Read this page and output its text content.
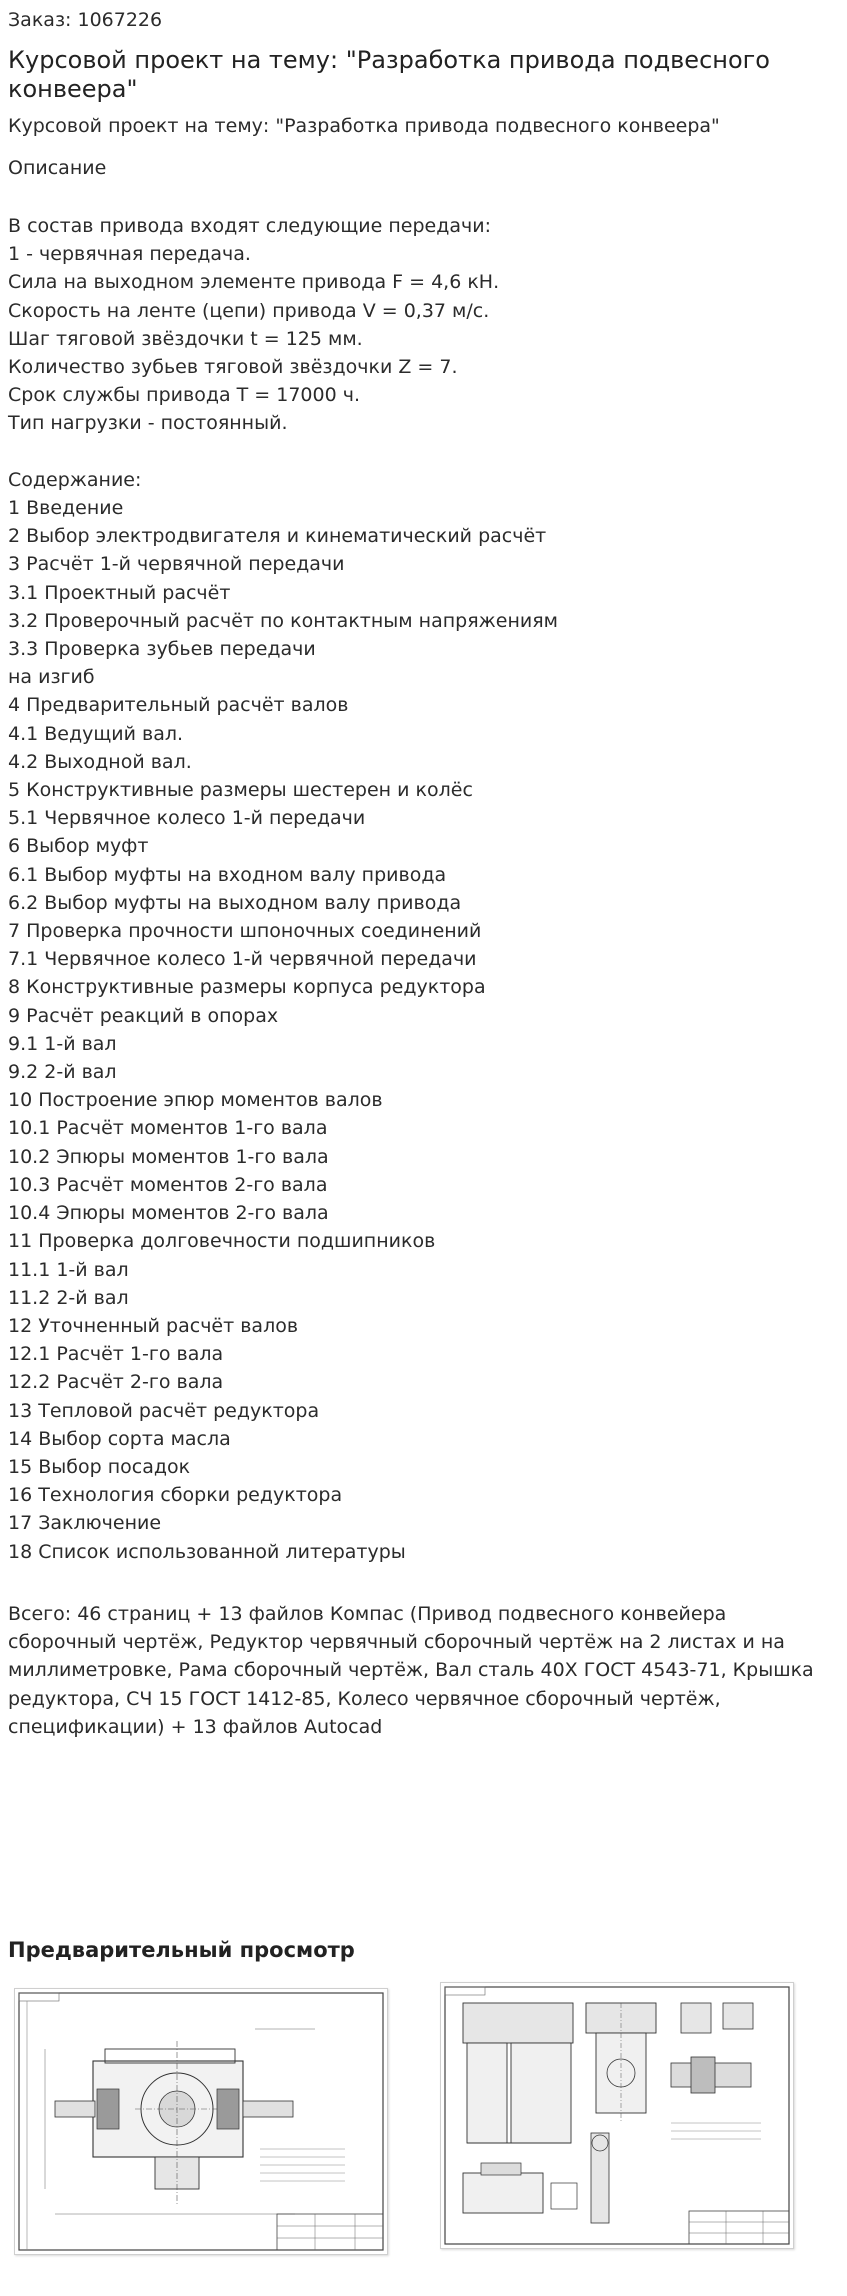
Заказ: 1067226
Курсовой проект на тему: "Разработка привода подвесного конвеера"
Курсовой проект на тему: "Разработка привода подвесного конвеера"
Описание
В состав привода входят следующие передачи:
1 - червячная передача.
Сила на выходном элементе привода F = 4,6 кН.
Скорость на ленте (цепи) привода V = 0,37 м/с.
Шаг тяговой звёздочки t = 125 мм.
Количество зубьев тяговой звёздочки Z = 7.
Срок службы привода T = 17000 ч.
Тип нагрузки - постоянный.
Содержание:
1 Введение
2 Выбор электродвигателя и кинематический расчёт
3 Расчёт 1-й червячной передачи
3.1 Проектный расчёт
3.2 Проверочный расчёт по контактным напряжениям
3.3 Проверка зубьев передачи
на изгиб
4 Предварительный расчёт валов
4.1 Ведущий вал.
4.2 Выходной вал.
5 Конструктивные размеры шестерен и колёс
5.1 Червячное колесо 1-й передачи
6 Выбор муфт
6.1 Выбор муфты на входном валу привода
6.2 Выбор муфты на выходном валу привода
7 Проверка прочности шпоночных соединений
7.1 Червячное колесо 1-й червячной передачи
8 Конструктивные размеры корпуса редуктора
9 Расчёт реакций в опорах
9.1 1-й вал
9.2 2-й вал
10 Построение эпюр моментов валов
10.1 Расчёт моментов 1-го вала
10.2 Эпюры моментов 1-го вала
10.3 Расчёт моментов 2-го вала
10.4 Эпюры моментов 2-го вала
11 Проверка долговечности подшипников
11.1 1-й вал
11.2 2-й вал
12 Уточненный расчёт валов
12.1 Расчёт 1-го вала
12.2 Расчёт 2-го вала
13 Тепловой расчёт редуктора
14 Выбор сорта масла
15 Выбор посадок
16 Технология сборки редуктора
17 Заключение
18 Список использованной литературы
Всего: 46 страниц + 13 файлов Компас (Привод подвесного конвейера
сборочный чертёж, Редуктор червячный сборочный чертёж на 2 листах и на
миллиметровке, Рама сборочный чертёж, Вал сталь 40Х ГОСТ 4543-71, Крышка
редуктора, СЧ 15 ГОСТ 1412-85, Колесо червячное сборочный чертёж,
спецификации) + 13 файлов Autocad
Предварительный просмотр
